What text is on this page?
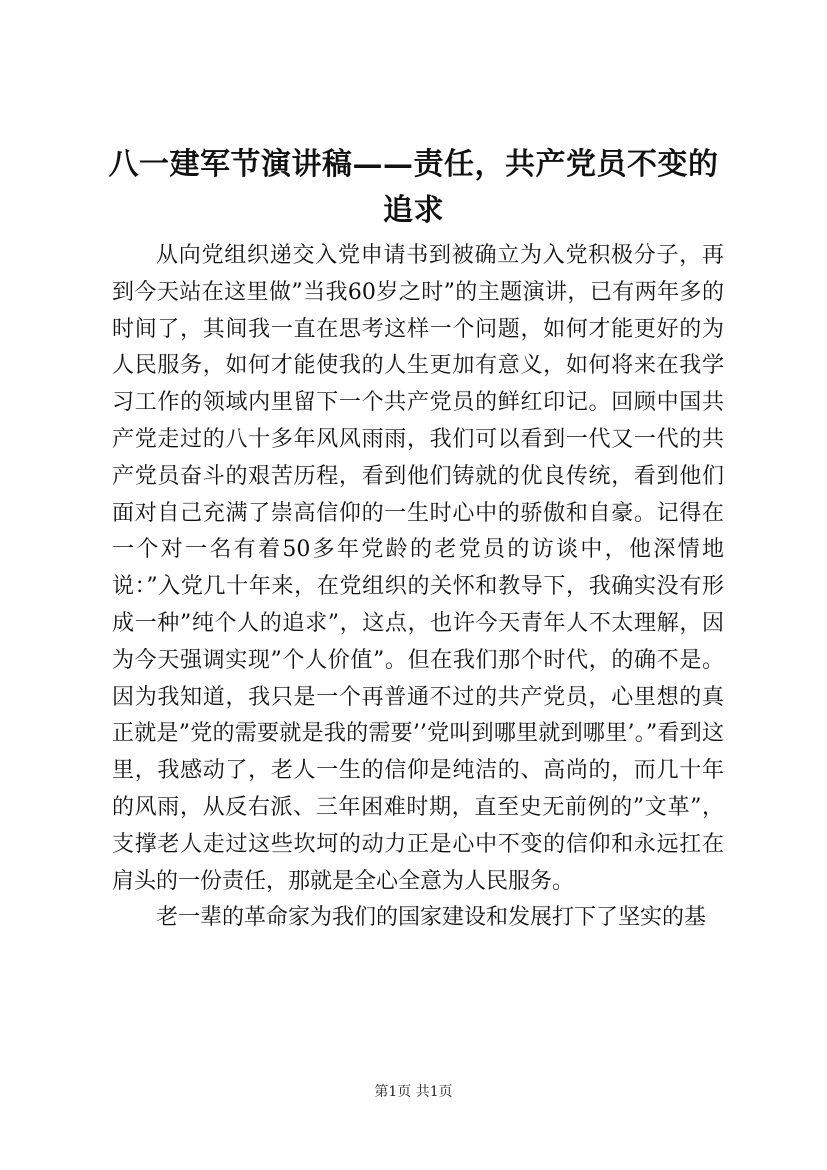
八一建军节演讲稿——责任，共产党员不变的追求

从向党组织递交入党申请书到被确立为入党积极分子，再到今天站在这里做”当我60岁之时”的主题演讲，已有两年多的时间了，其间我一直在思考这样一个问题，如何才能更好的为人民服务，如何才能使我的人生更加有意义，如何将来在我学习工作的领域内里留下一个共产党员的鲜红印记。回顾中国共产党走过的八十多年风风雨雨，我们可以看到一代又一代的共产党员奋斗的艰苦历程，看到他们铸就的优良传统，看到他们面对自己充满了崇高信仰的一生时心中的骄傲和自豪。记得在一个对一名有着50多年党龄的老党员的访谈中，他深情地说：”入党几十年来，在党组织的关怀和教导下，我确实没有形成一种”纯个人的追求”，这点，也许今天青年人不太理解，因为今天强调实现”个人价值”。但在我们那个时代，的确不是。因为我知道，我只是一个再普通不过的共产党员，心里想的真正就是”党的需要就是我的需要’’党叫到哪里就到哪里’。”看到这里，我感动了，老人一生的信仰是纯洁的、高尚的，而几十年的风雨，从反右派、三年困难时期，直至史无前例的”文革”，支撑老人走过这些坎坷的动力正是心中不变的信仰和永远扛在肩头的一份责任，那就是全心全意为人民服务。

老一辈的革命家为我们的国家建设和发展打下了坚实的基

第1页 共1页
